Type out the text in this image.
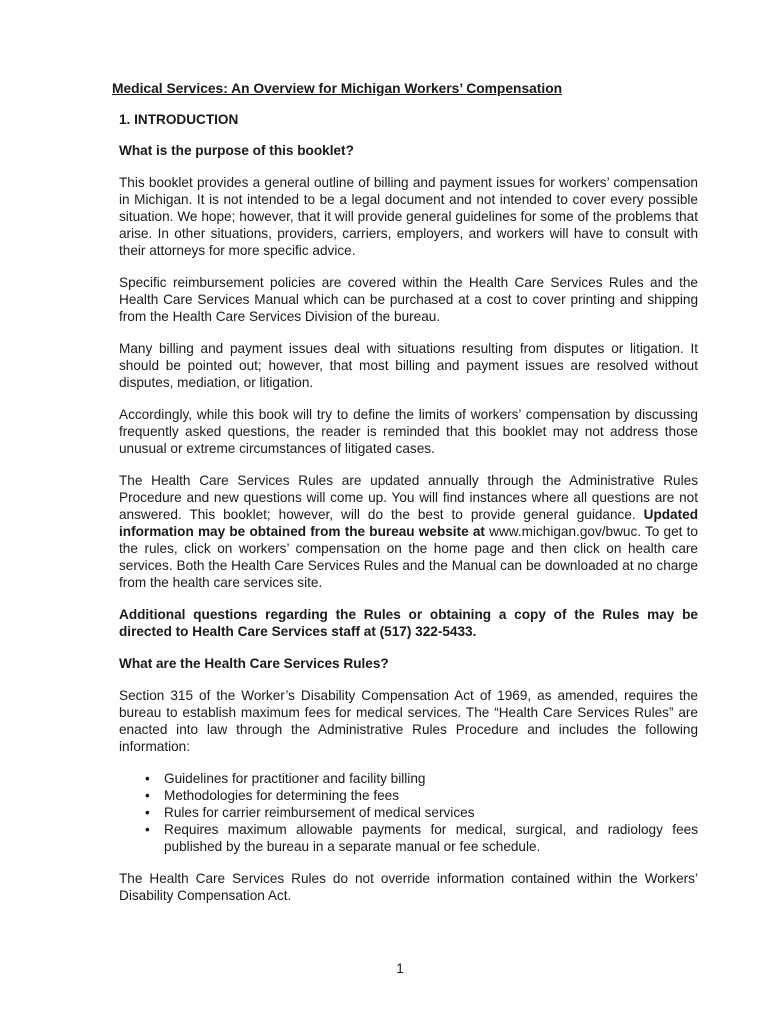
Medical Services: An Overview for Michigan Workers’ Compensation
1. INTRODUCTION
What is the purpose of this booklet?

This booklet provides a general outline of billing and payment issues for workers’ compensation in Michigan. It is not intended to be a legal document and not intended to cover every possible situation. We hope; however, that it will provide general guidelines for some of the problems that arise. In other situations, providers, carriers, employers, and workers will have to consult with their attorneys for more specific advice.

Specific reimbursement policies are covered within the Health Care Services Rules and the Health Care Services Manual which can be purchased at a cost to cover printing and shipping from the Health Care Services Division of the bureau.

Many billing and payment issues deal with situations resulting from disputes or litigation. It should be pointed out; however, that most billing and payment issues are resolved without disputes, mediation, or litigation.

Accordingly, while this book will try to define the limits of workers’ compensation by discussing frequently asked questions, the reader is reminded that this booklet may not address those unusual or extreme circumstances of litigated cases.

The Health Care Services Rules are updated annually through the Administrative Rules Procedure and new questions will come up. You will find instances where all questions are not answered. This booklet; however, will do the best to provide general guidance. Updated information may be obtained from the bureau website at www.michigan.gov/bwuc. To get to the rules, click on workers’ compensation on the home page and then click on health care services. Both the Health Care Services Rules and the Manual can be downloaded at no charge from the health care services site.

Additional questions regarding the Rules or obtaining a copy of the Rules may be directed to Health Care Services staff at (517) 322-5433.

What are the Health Care Services Rules?

Section 315 of the Worker’s Disability Compensation Act of 1969, as amended, requires the bureau to establish maximum fees for medical services. The “Health Care Services Rules” are enacted into law through the Administrative Rules Procedure and includes the following information:

• Guidelines for practitioner and facility billing
• Methodologies for determining the fees
• Rules for carrier reimbursement of medical services
• Requires maximum allowable payments for medical, surgical, and radiology fees published by the bureau in a separate manual or fee schedule.

The Health Care Services Rules do not override information contained within the Workers’ Disability Compensation Act.

1
